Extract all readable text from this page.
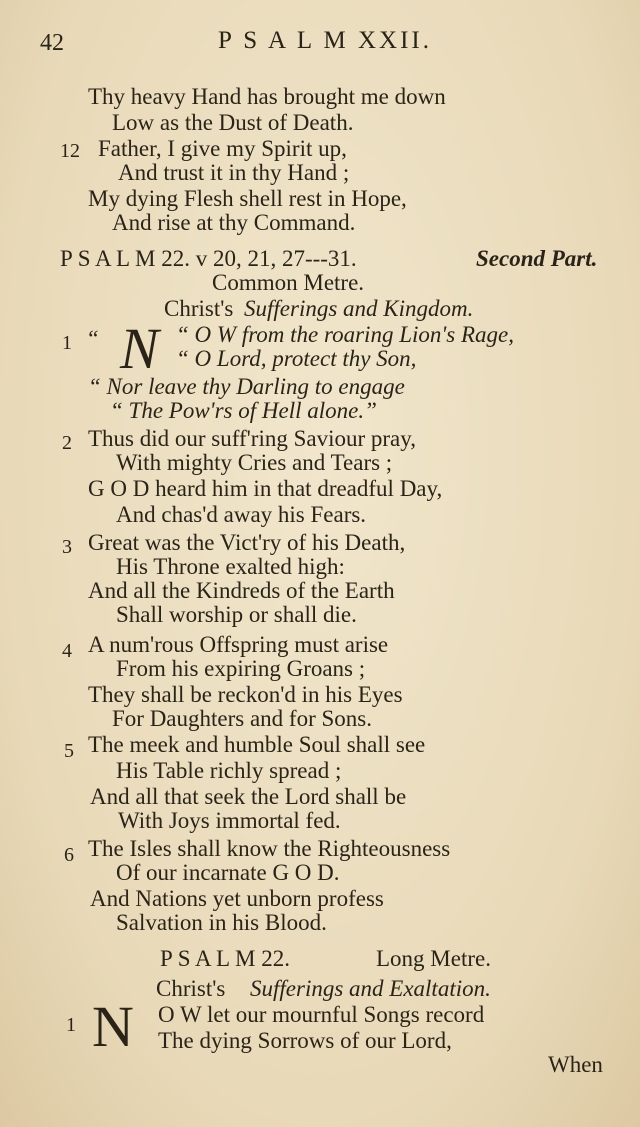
42	P S A L M XXII.
Thy heavy Hand has brought me down
Low as the Dust of Death.
12 Father, I give my Spirit up,
And trust it in thy Hand ;
My dying Flesh shell rest in Hope,
And rise at thy Command.
P S A L M 22. v 20, 21, 27---31.	Second Part.
Common Metre.
Christ's Sufferings and Kingdom.
1 “ N “ O W from the roaring Lion's Rage,
“ O Lord, protect thy Son,
“ Nor leave thy Darling to engage
“ The Pow'rs of Hell alone.”
2 Thus did our suff'ring Saviour pray,
With mighty Cries and Tears ;
G O D heard him in that dreadful Day,
And chas'd away his Fears.
3 Great was the Vict'ry of his Death,
His Throne exalted high:
And all the Kindreds of the Earth
Shall worship or shall die.
4 A num'rous Offspring must arise
From his expiring Groans ;
They shall be reckon'd in his Eyes
For Daughters and for Sons.
5 The meek and humble Soul shall see
His Table richly spread ;
And all that seek the Lord shall be
With Joys immortal fed.
6 The Isles shall know the Righteousness
Of our incarnate G O D.
And Nations yet unborn profess
Salvation in his Blood.
P S A L M 22.	Long Metre.
Christ's Sufferings and Exaltation.
1 N O W let our mournful Songs record
The dying Sorrows of our Lord,
When
